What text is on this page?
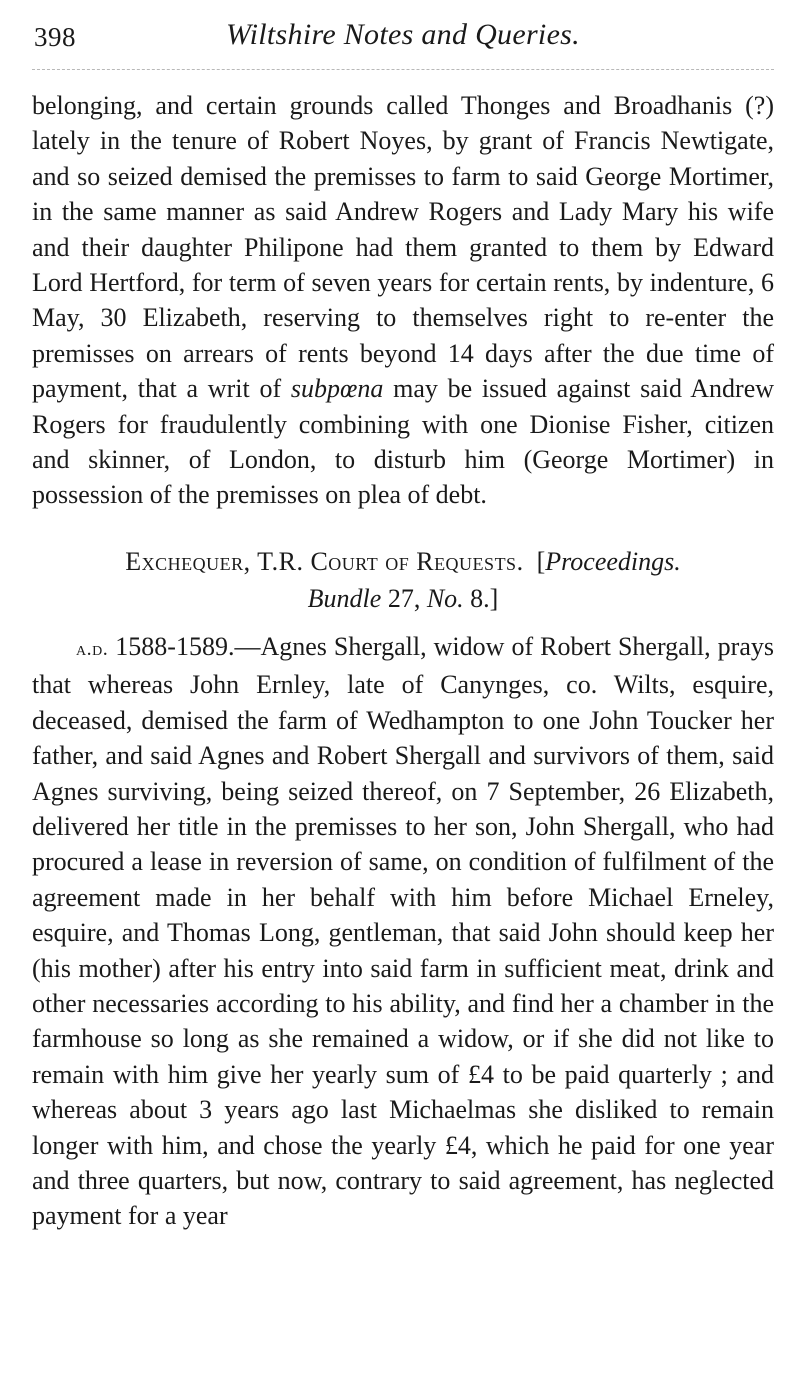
398	Wiltshire Notes and Queries.

belonging, and certain grounds called Thonges and Broadhanis (?) lately in the tenure of Robert Noyes, by grant of Francis Newtigate, and so seized demised the premisses to farm to said George Mortimer, in the same manner as said Andrew Rogers and Lady Mary his wife and their daughter Philipone had them granted to them by Edward Lord Hertford, for term of seven years for certain rents, by indenture, 6 May, 30 Elizabeth, reserving to themselves right to re-enter the premisses on arrears of rents beyond 14 days after the due time of payment, that a writ of subpœna may be issued against said Andrew Rogers for fraudulently combining with one Dionise Fisher, citizen and skinner, of London, to disturb him (George Mortimer) in possession of the premisses on plea of debt.

Exchequer, T.R. Court of Requests. [Proceedings.
Bundle 27, No. 8.]

a.d. 1588-1589.—Agnes Shergall, widow of Robert Shergall, prays that whereas John Ernley, late of Canynges, co. Wilts, esquire, deceased, demised the farm of Wedhampton to one John Toucker her father, and said Agnes and Robert Shergall and survivors of them, said Agnes surviving, being seized thereof, on 7 September, 26 Elizabeth, delivered her title in the premisses to her son, John Shergall, who had procured a lease in reversion of same, on condition of fulfilment of the agreement made in her behalf with him before Michael Erneley, esquire, and Thomas Long, gentleman, that said John should keep her (his mother) after his entry into said farm in sufficient meat, drink and other necessaries according to his ability, and find her a chamber in the farmhouse so long as she remained a widow, or if she did not like to remain with him give her yearly sum of £4 to be paid quarterly ; and whereas about 3 years ago last Michaelmas she disliked to remain longer with him, and chose the yearly £4, which he paid for one year and three quarters, but now, contrary to said agreement, has neglected payment for a year
